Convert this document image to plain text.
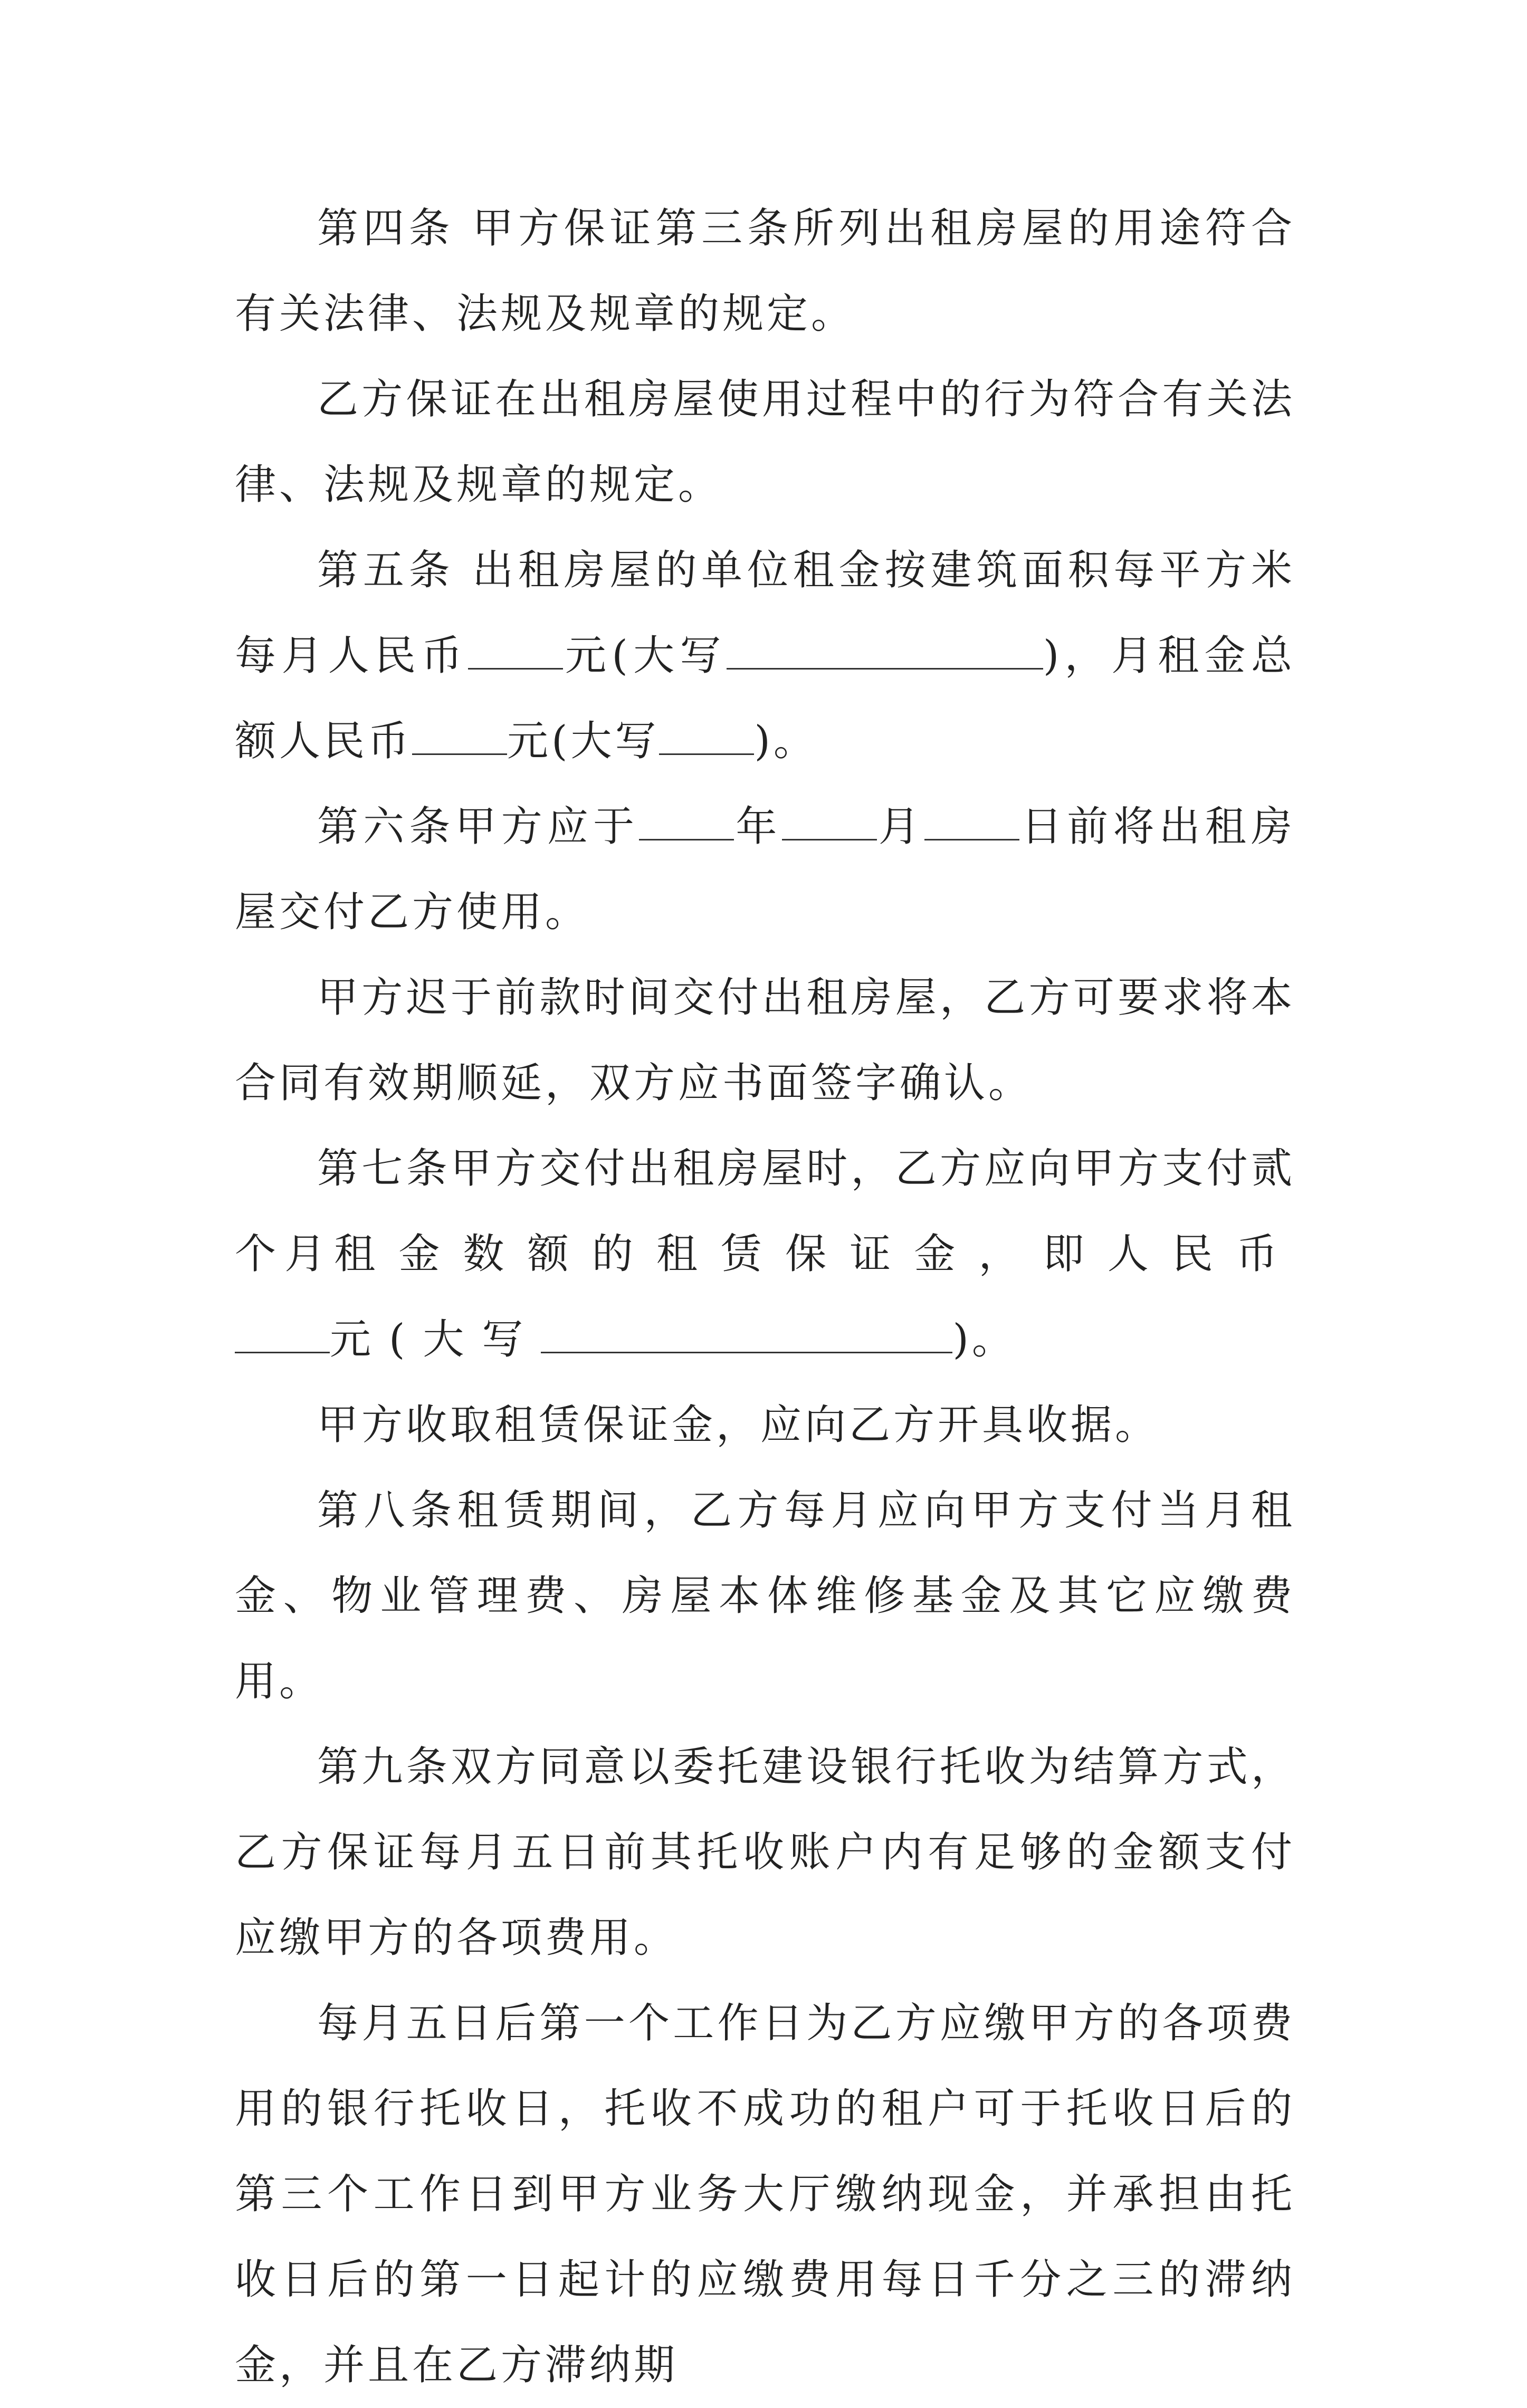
第四条 甲方保证第三条所列出租房屋的用途符合有关法律、法规及规章的规定。

乙方保证在出租房屋使用过程中的行为符合有关法律、法规及规章的规定。

第五条 出租房屋的单位租金按建筑面积每平方米每月人民币 元(大写	)，月租金总额人民币 元(大写 )。

第六条甲方应于 年 月 日前将出租房屋交付乙方使用。

甲方迟于前款时间交付出租房屋，乙方可要求将本合同有效期顺延，双方应书面签字确认。

第七条甲方交付出租房屋时，乙方应向甲方支付贰个月租金数额的租赁保证金，即人民币元(大写	)。

甲方收取租赁保证金，应向乙方开具收据。

第八条租赁期间，乙方每月应向甲方支付当月租金、物业管理费、房屋本体维修基金及其它应缴费用。

第九条双方同意以委托建设银行托收为结算方式，乙方保证每月五日前其托收账户内有足够的金额支付应缴甲方的各项费用。

每月五日后第一个工作日为乙方应缴甲方的各项费用的银行托收日，托收不成功的租户可于托收日后的第三个工作日到甲方业务大厅缴纳现金，并承担由托收日后的第一日起计的应缴费用每日千分之三的滞纳金，并且在乙方滞纳期
